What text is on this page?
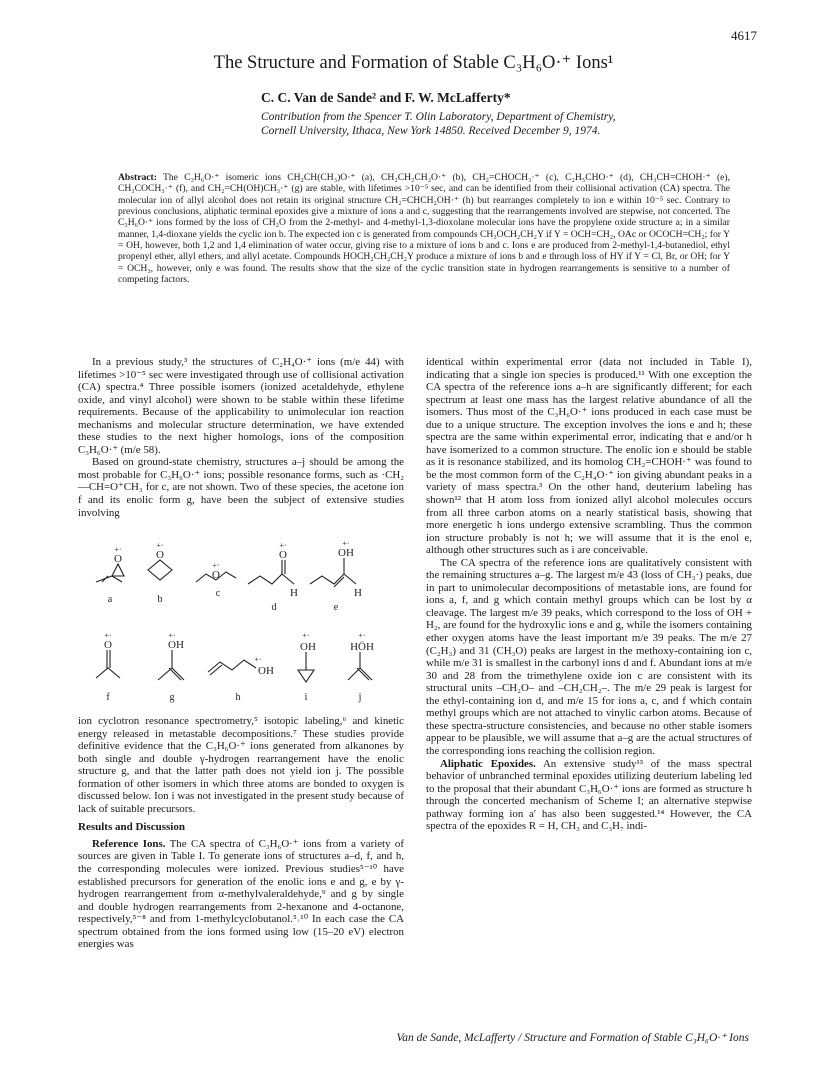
4617
The Structure and Formation of Stable C₃H₆O·⁺ Ions¹
C. C. Van de Sande² and F. W. McLafferty*
Contribution from the Spencer T. Olin Laboratory, Department of Chemistry,
Cornell University, Ithaca, New York 14850. Received December 9, 1974.
Abstract: The C₃H₆O·⁺ isomeric ions CH₂CH(CH₃)O·⁺ (a), CH₂CH₂CH₂O·⁺ (b), CH₂=CHOCH₃·⁺ (c), C₂H₅CHO·⁺ (d), CH₃CH=CHOH·⁺ (e), CH₃COCH₃·⁺ (f), and CH₂=CH(OH)CH₃·⁺ (g) are stable, with lifetimes >10⁻⁵ sec, and can be identified from their collisional activation (CA) spectra. The molecular ion of allyl alcohol does not retain its original structure CH₂=CHCH₂OH·⁺ (h) but rearranges completely to ion e within 10⁻⁵ sec. Contrary to previous conclusions, aliphatic terminal epoxides give a mixture of ions a and c, suggesting that the rearrangements involved are stepwise, not concerted. The C₃H₆O·⁺ ions formed by the loss of CH₂O from the 2-methyl- and 4-methyl-1,3-dioxolane molecular ions have the propylene oxide structure a; in a similar manner, 1,4-dioxane yields the cyclic ion b. The expected ion c is generated from compounds CH₃OCH₂CH₂Y if Y = OCH=CH₂, OAc or OCOCH=CH₂; for Y = OH, however, both 1,2 and 1,4 elimination of water occur, giving rise to a mixture of ions b and c. Ions e are produced from 2-methyl-1,4-butanediol, ethyl propenyl ether, allyl ethers, and allyl acetate. Compounds HOCH₂CH₂CH₂Y produce a mixture of ions b and e through loss of HY if Y = Cl, Br, or OH; for Y = OCH₃, however, only e was found. The results show that the size of the cyclic transition state in hydrogen rearrangements is sensitive to a number of competing factors.

In a previous study,³ the structures of C₂H₄O·⁺ ions (m/e 44) with lifetimes >10⁻⁵ sec were investigated through use of collisional activation (CA) spectra.⁴ Three possible isomers (ionized acetaldehyde, ethylene oxide, and vinyl alcohol) were shown to be stable within these lifetime requirements. Because of the applicability to unimolecular ion reaction mechanisms and molecular structure determination, we have extended these studies to the next higher homologs, ions of the composition C₃H₆O·⁺ (m/e 58).

Based on ground-state chemistry, structures a–j should be among the most probable for C₃H₆O·⁺ ions; possible resonance forms, such as ·CH₂—CH=O⁺CH₃ for c, are not shown. Two of these species, the acetone ion f and its enolic form g, have been the subject of extensive studies involving

O
+·	O
+·
O
+·
O
+·
H
OH
+·
H
O
+·
OH
+·
OH
+·
OH
+·
HÖH
+·
a	b
c
d	e
f	g	h	i	j

ion cyclotron resonance spectrometry,⁵ isotopic labeling,⁶ and kinetic energy released in metastable decompositions.⁷ These studies provide definitive evidence that the C₃H₆O·⁺ ions generated from alkanones by both single and double γ-hydrogen rearrangement have the enolic structure g, and that the latter path does not yield ion j. The possible formation of other isomers in which three atoms are bonded to oxygen is discussed below. Ion i was not investigated in the present study because of lack of suitable precursors.

Results and Discussion

Reference Ions. The CA spectra of C₃H₆O·⁺ ions from a variety of sources are given in Table I. To generate ions of structures a–d, f, and h, the corresponding molecules were ionized. Previous studies⁵⁻¹⁰ have established precursors for generation of the enolic ions e and g, e by γ-hydrogen rearrangement from α-methylvaleraldehyde,⁹ and g by single and double hydrogen rearrangements from 2-hexanone and 4-octanone, respectively,⁵⁻⁸ and from 1-methylcyclobutanol.⁵˒¹⁰ In each case the CA spectrum obtained from the ions formed using low (15–20 eV) electron energies was

identical within experimental error (data not included in Table I), indicating that a single ion species is produced.¹¹ With one exception the CA spectra of the reference ions a–h are significantly different; for each spectrum at least one mass has the largest relative abundance of all the isomers. Thus most of the C₃H₆O·⁺ ions produced in each case must be due to a unique structure. The exception involves the ions e and h; these spectra are the same within experimental error, indicating that e and/or h have isomerized to a common structure. The enolic ion e should be stable as it is resonance stabilized, and its homolog CH₂=CHOH·⁺ was found to be the most common form of the C₂H₄O·⁺ ion giving abundant peaks in a variety of mass spectra.³ On the other hand, deuterium labeling has shown¹² that H atom loss from ionized allyl alcohol molecules occurs from all three carbon atoms on a nearly statistical basis, showing that more energetic h ions undergo extensive scrambling. Thus the common ion structure probably is not h; we will assume that it is the enol e, although other structures such as i are conceivable.

The CA spectra of the reference ions are qualitatively consistent with the remaining structures a–g. The largest m/e 43 (loss of CH₃·) peaks, due in part to unimolecular decompositions of metastable ions, are found for ions a, f, and g which contain methyl groups which can be lost by α cleavage. The largest m/e 39 peaks, which correspond to the loss of OH + H₂, are found for the hydroxylic ions e and g, while the isomers containing ether oxygen atoms have the least important m/e 39 peaks. The m/e 27 (C₂H₃) and 31 (CH₃O) peaks are largest in the methoxy-containing ion c, while m/e 31 is smallest in the carbonyl ions d and f. Abundant ions at m/e 30 and 28 from the trimethylene oxide ion c are consistent with its structural units –CH₂O– and –CH₂CH₂–. The m/e 29 peak is largest for the ethyl-containing ion d, and m/e 15 for ions a, c, and f which contain methyl groups which are not attached to vinylic carbon atoms. Because of these spectra-structure consistencies, and because no other stable isomers appear to be plausible, we will assume that a–g are the actual structures of the corresponding ions reaching the collision region.

Aliphatic Epoxides. An extensive study¹³ of the mass spectral behavior of unbranched terminal epoxides utilizing deuterium labeling led to the proposal that their abundant C₃H₆O·⁺ ions are formed as structure h through the concerted mechanism of Scheme I; an alternative stepwise pathway forming ion a′ has also been suggested.¹⁴ However, the CA spectra of the epoxides R = H, CH₃ and C₃H₇ indi-

Van de Sande, McLafferty / Structure and Formation of Stable C₃H₆O·⁺ Ions
